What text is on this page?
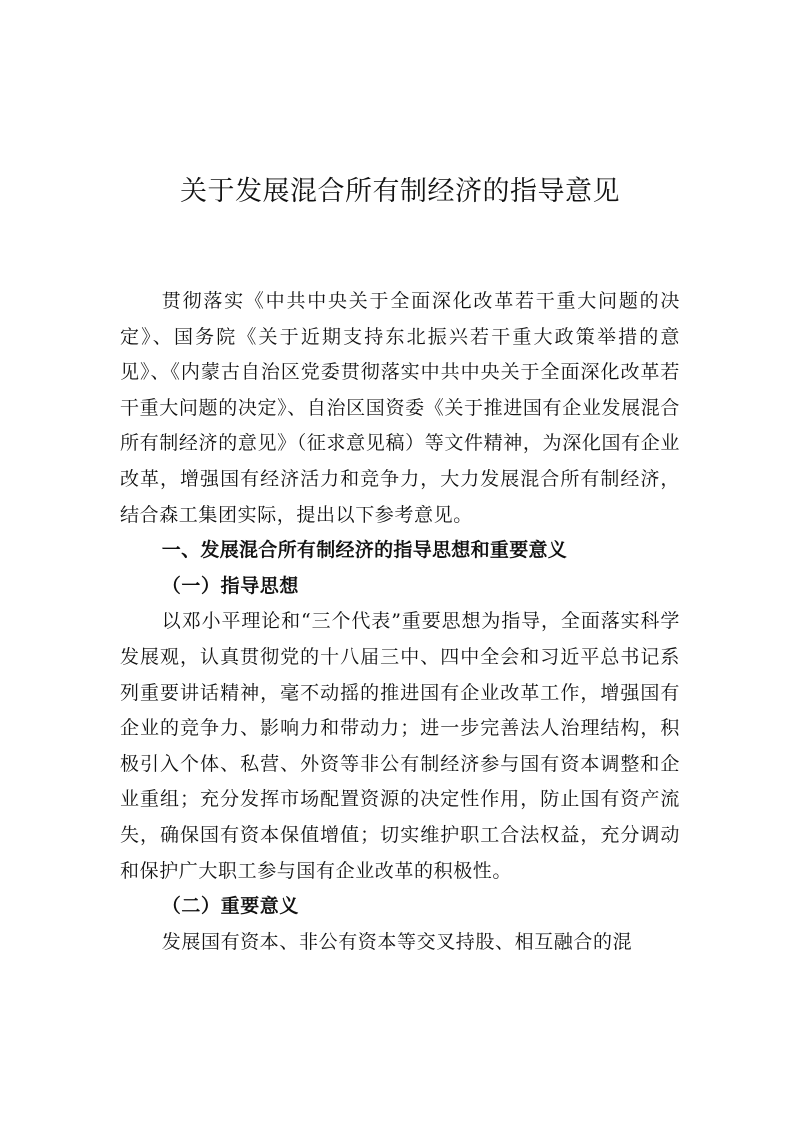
关于发展混合所有制经济的指导意见

贯彻落实《中共中央关于全面深化改革若干重大问题的决定》、国务院《关于近期支持东北振兴若干重大政策举措的意见》、《内蒙古自治区党委贯彻落实中共中央关于全面深化改革若干重大问题的决定》、自治区国资委《关于推进国有企业发展混合所有制经济的意见》（征求意见稿）等文件精神，为深化国有企业改革，增强国有经济活力和竞争力，大力发展混合所有制经济，结合森工集团实际，提出以下参考意见。

一、发展混合所有制经济的指导思想和重要意义

（一）指导思想

以邓小平理论和“三个代表”重要思想为指导，全面落实科学发展观，认真贯彻党的十八届三中、四中全会和习近平总书记系列重要讲话精神，毫不动摇的推进国有企业改革工作，增强国有企业的竞争力、影响力和带动力；进一步完善法人治理结构，积极引入个体、私营、外资等非公有制经济参与国有资本调整和企业重组；充分发挥市场配置资源的决定性作用，防止国有资产流失，确保国有资本保值增值；切实维护职工合法权益，充分调动和保护广大职工参与国有企业改革的积极性。

（二）重要意义

发展国有资本、非公有资本等交叉持股、相互融合的混
